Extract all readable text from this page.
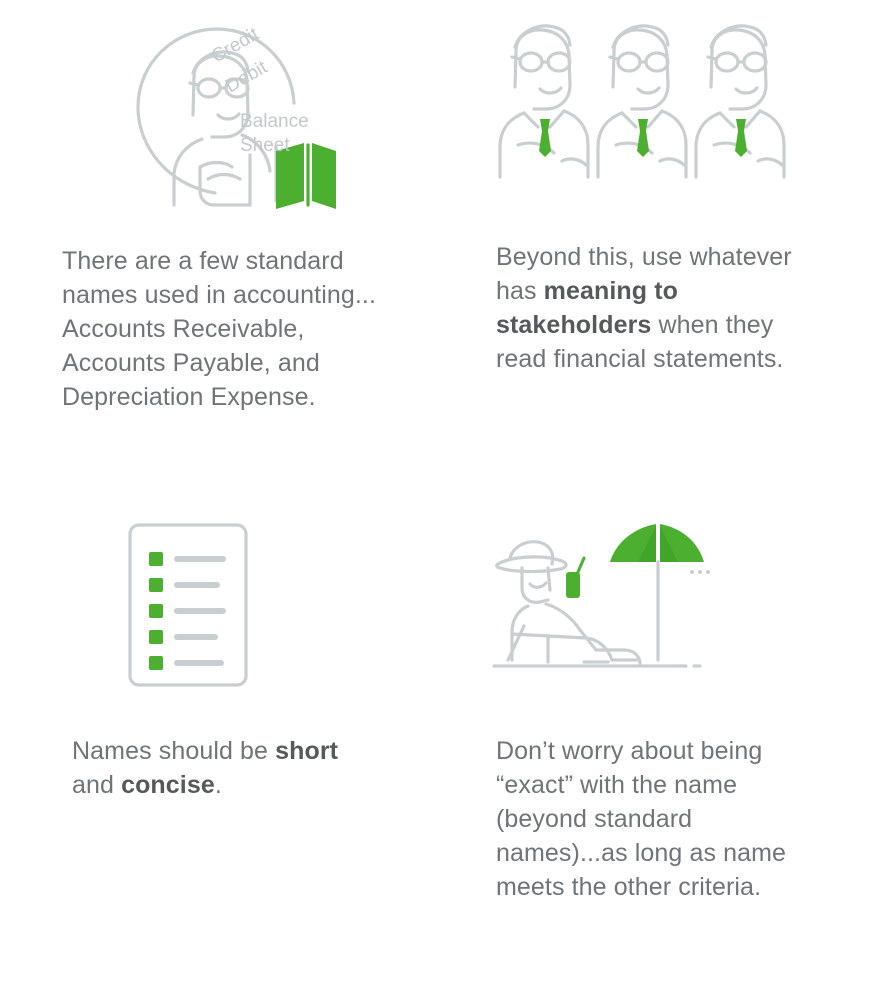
Credit
Debit
Balance
Sheet
There are a few standard names used in accounting... Accounts Receivable, Accounts Payable, and Depreciation Expense.
Beyond this, use whatever has meaning to stakeholders when they read financial statements.
Names should be short and concise.
Don’t worry about being “exact” with the name (beyond standard names)...as long as name meets the other criteria.
